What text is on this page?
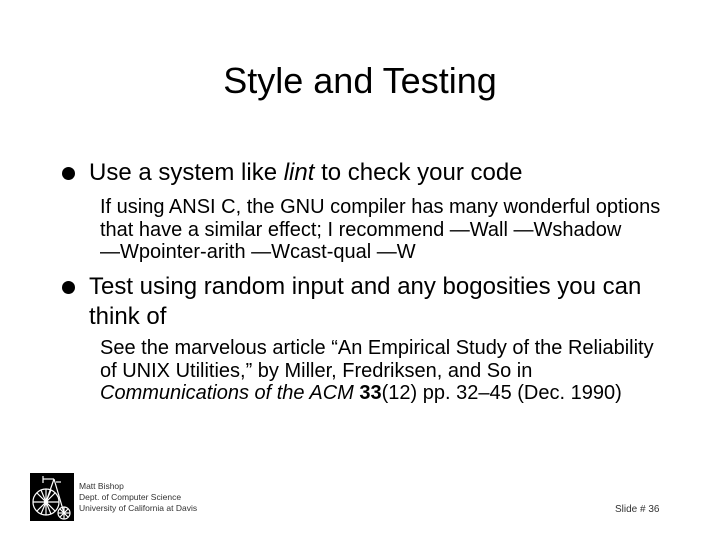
Style and Testing
Use a system like lint to check your code
If using ANSI C, the GNU compiler has many wonderful options
that have a similar effect; I recommend —Wall —Wshadow
—Wpointer-arith —Wcast-qual —W
Test using random input and any bogosities you can
think of
See the marvelous article “An Empirical Study of the Reliability
of UNIX Utilities,” by Miller, Fredriksen, and So in
Communications of the ACM 33(12) pp. 32–45 (Dec. 1990)
Matt Bishop
Dept. of Computer Science
University of California at Davis	Slide # 36
